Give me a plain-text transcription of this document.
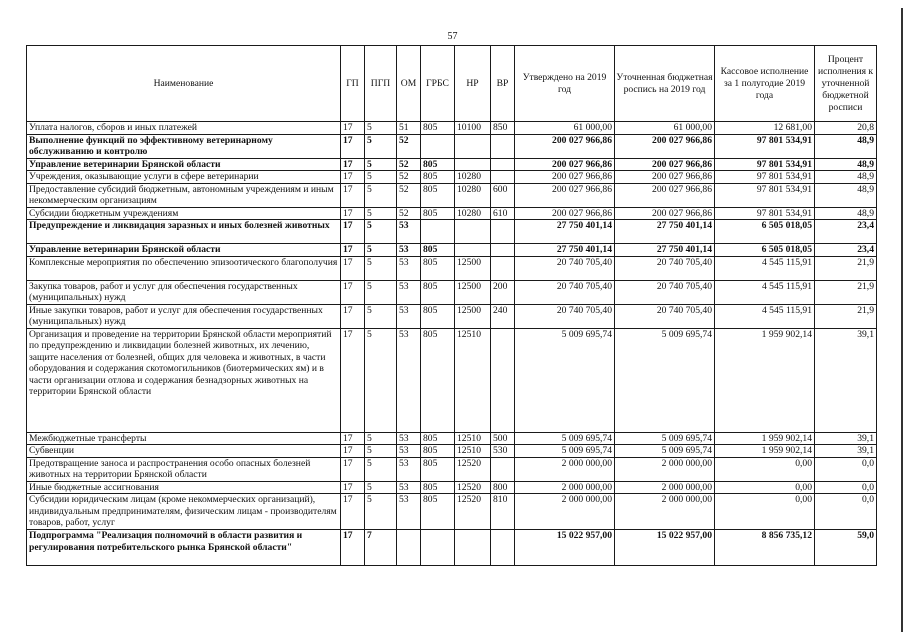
57
Наименование	ГП	ПГП	ОМ	ГРБС	НР	ВР	Утверждено на 2019 год	Уточненная бюджетная роспись на 2019 год	Кассовое исполнение за 1 полугодие 2019 года	Процент исполнения к уточненной бюджетной росписи
Уплата налогов, сборов и иных платежей	17	5	51	805	10100	850	61 000,00	61 000,00	12 681,00	20,8
Выполнение функций по эффективному ветеринарному обслуживанию и контролю	17	5	52				200 027 966,86	200 027 966,86	97 801 534,91	48,9
Управление ветеринарии Брянской области	17	5	52	805			200 027 966,86	200 027 966,86	97 801 534,91	48,9
Учреждения, оказывающие услуги в сфере ветеринарии	17	5	52	805	10280		200 027 966,86	200 027 966,86	97 801 534,91	48,9
Предоставление субсидий бюджетным, автономным учреждениям и иным некоммерческим организациям	17	5	52	805	10280	600	200 027 966,86	200 027 966,86	97 801 534,91	48,9
Субсидии бюджетным учреждениям	17	5	52	805	10280	610	200 027 966,86	200 027 966,86	97 801 534,91	48,9
Предупреждение и ликвидация заразных и иных болезней животных	17	5	53				27 750 401,14	27 750 401,14	6 505 018,05	23,4
Управление ветеринарии Брянской области	17	5	53	805			27 750 401,14	27 750 401,14	6 505 018,05	23,4
Комплексные мероприятия по обеспечению эпизоотического благополучия	17	5	53	805	12500		20 740 705,40	20 740 705,40	4 545 115,91	21,9
Закупка товаров, работ и услуг для обеспечения государственных (муниципальных) нужд	17	5	53	805	12500	200	20 740 705,40	20 740 705,40	4 545 115,91	21,9
Иные закупки товаров, работ и услуг для обеспечения государственных (муниципальных) нужд	17	5	53	805	12500	240	20 740 705,40	20 740 705,40	4 545 115,91	21,9
Организация и проведение на территории Брянской области мероприятий по предупреждению и ликвидации болезней животных, их лечению, защите населения от болезней, общих для человека и животных, в части оборудования и содержания скотомогильников (биотермических ям) и в части организации отлова и содержания безнадзорных животных на территории Брянской области	17	5	53	805	12510		5 009 695,74	5 009 695,74	1 959 902,14	39,1
Межбюджетные трансферты	17	5	53	805	12510	500	5 009 695,74	5 009 695,74	1 959 902,14	39,1
Субвенции	17	5	53	805	12510	530	5 009 695,74	5 009 695,74	1 959 902,14	39,1
Предотвращение заноса и распространения особо опасных болезней животных на территории Брянской области	17	5	53	805	12520		2 000 000,00	2 000 000,00	0,00	0,0
Иные бюджетные ассигнования	17	5	53	805	12520	800	2 000 000,00	2 000 000,00	0,00	0,0
Субсидии юридическим лицам (кроме некоммерческих организаций), индивидуальным предпринимателям, физическим лицам - производителям товаров, работ, услуг	17	5	53	805	12520	810	2 000 000,00	2 000 000,00	0,00	0,0
Подпрограмма "Реализация полномочий в области развития и регулирования потребительского рынка Брянской области"	17	7					15 022 957,00	15 022 957,00	8 856 735,12	59,0
